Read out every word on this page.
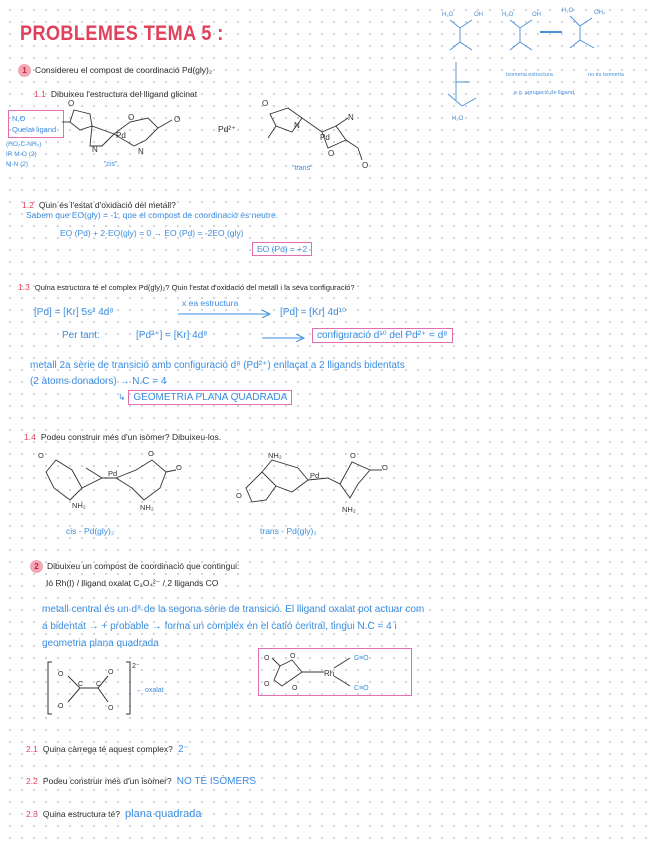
PROBLEMES TEMA 5 :
H₂O	OH	H₂O	OH
H₂O	OH₂
H₂O
isomeria estructura
e.g. agrupació de lligand
no és isomeria
1 Considereu el compost de coordinació Pd(gly)₂
1.1 Dibuixeu l'estructura del lligand glicinat
N,O
Quelat ligand
(HO₂C-NH₂)
IR M-O (2)
M-N (2)
O
Pd
N	N
O	O
"cis"
Pd²⁺
O
Pd
N
N
O
O
"trans"
1.2 Quin és l'estat d'oxidació del metall?
Sabem que EO(gly) = -1, que el compost de coordinació és neutre.
EO (Pd) + 2·EO(gly) = 0 → EO (Pd) = -2EO (gly)
EO (Pd) = +2
1.3 Quina estructura té el complex Pd(gly)₂? Quin l'estat d'oxidació del metall i la seva configuració?
[Pd] = [Kr] 5s² 4d⁸
x ea estructura
[Pd] = [Kr] 4d¹⁰
Per tant:	[Pd²⁺] = [Kr] 4d⁸	configuració d¹⁰ del Pd²⁺ = d⁸
metall 2a sèrie de transició amb configuració d⁸ (Pd²⁺) enllaçat a 2 lligands bidentats
(2 àtoms donadors) → N.C = 4
↳ GEOMETRIA PLANA QUADRADA
1.4 Podeu construir més d'un isòmer? Dibuixeu-los.
O
Pd
NH₂	NH₂
O
O
cis - Pd(gly)₂
NH₂
Pd
O
NH₂
O
O
trans - Pd(gly)₂
2 Dibuixeu un compost de coordinació que contingui:
Ió Rh(I) / lligand oxalat C₂O₄²⁻ / 2 lligands CO
metall central és un d⁸ de la segona sèrie de transició. El lligand oxalat pot actuar com
a bidentat → + probable → forma un complex en el catió central, tingui N.C = 4 i
geometria plana quadrada
O
O
O
O
C C
2⁻
← oxalat
O
O
O
O
Rh
C≡O
C≡O
2.1 Quina càrrega té aquest complex? 2⁻
2.2 Podeu construir més d'un isòmer? NO TÉ ISÒMERS
2.3 Quina estructura té? plana quadrada
